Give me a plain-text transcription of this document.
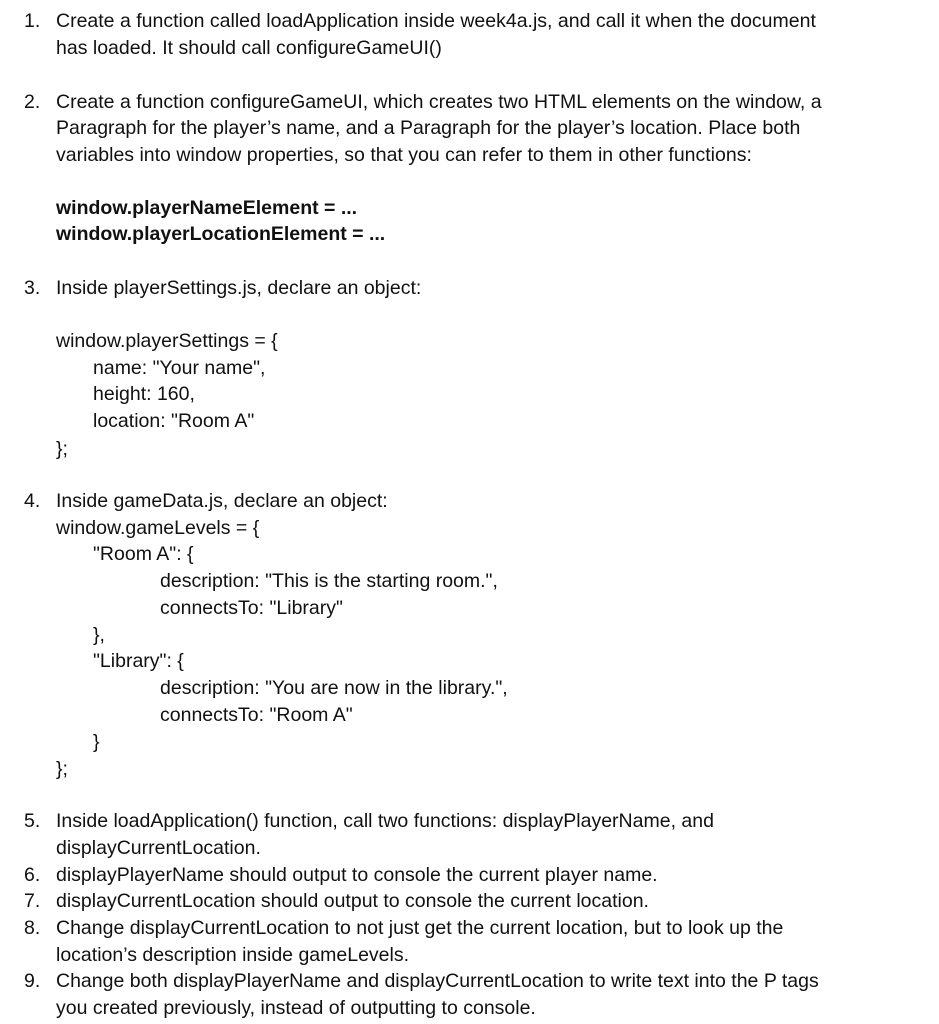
1. Create a function called loadApplication inside week4a.js, and call it when the document
has loaded. It should call configureGameUI()
2. Create a function configureGameUI, which creates two HTML elements on the window, a
Paragraph for the player’s name, and a Paragraph for the player’s location. Place both
variables into window properties, so that you can refer to them in other functions:
window.playerNameElement = ...
window.playerLocationElement = ...
3. Inside playerSettings.js, declare an object:
window.playerSettings = {
name: "Your name",
height: 160,
location: "Room A"
};
4. Inside gameData.js, declare an object:
window.gameLevels = {
"Room A": {
description: "This is the starting room.",
connectsTo: "Library"
},
"Library": {
description: "You are now in the library.",
connectsTo: "Room A"
}
};
5. Inside loadApplication() function, call two functions: displayPlayerName, and
displayCurrentLocation.
6. displayPlayerName should output to console the current player name.
7. displayCurrentLocation should output to console the current location.
8. Change displayCurrentLocation to not just get the current location, but to look up the
location’s description inside gameLevels.
9. Change both displayPlayerName and displayCurrentLocation to write text into the P tags
you created previously, instead of outputting to console.
